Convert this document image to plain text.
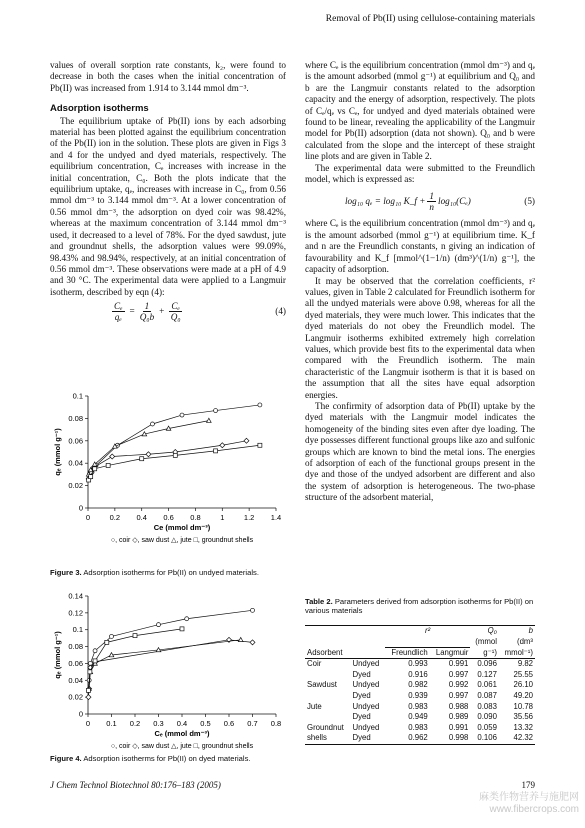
Removal of Pb(II) using cellulose-containing materials

values of overall sorption rate constants, k₂, were found to decrease in both the cases when the initial concentration of Pb(II) was increased from 1.914 to 3.144 mmol dm⁻³.

Adsorption isotherms

The equilibrium uptake of Pb(II) ions by each adsorbing material has been plotted against the equilibrium concentration of the Pb(II) ion in the solution. These plots are given in Figs 3 and 4 for the undyed and dyed materials, respectively. The equilibrium concentration, Cₑ increases with increase in the initial concentration, C₀. Both the plots indicate that the equilibrium uptake, qₑ, increases with increase in C₀, from 0.56 mmol dm⁻³ to 3.144 mmol dm⁻³. At a lower concentration of 0.56 mmol dm⁻³, the adsorption on dyed coir was 98.42%, whereas at the maximum concentration of 3.144 mmol dm⁻³ used, it decreased to a level of 78%. For the dyed sawdust, jute and groundnut shells, the adsorption values were 99.09%, 98.43% and 98.94%, respectively, at an initial concentration of 0.56 mmol dm⁻³. These observations were made at a pH of 4.9 and 30 °C. The experimental data were applied to a Langmuir isotherm, described by eqn (4):

$\frac{\text{Cₑ}}{\text{qₑ}} = \frac{1}{\text{Q₀b}} + \frac{\text{Cₑ}}{\text{Q₀}}$	(4)
0	0.2 0.4 0.6 0.8	1	1.2 1.4
0
0.02
0.04
0.06
0.08
0.1
Ce (mmol dm⁻³)
qₑ (mmol g⁻¹)
○, coir ◇, saw dust △, jute □, groundnut shells
Figure 3. Adsorption isotherms for Pb(II) on undyed materials.
0 0.1 0.2 0.3 0.4 0.5 0.6 0.7 0.8
0
0.02
0.04
0.06
0.08
0.1
0.12
0.14
Cₑ (mmol dm⁻³)
qₑ (mmol g⁻¹)
○, coir ◇, saw dust △, jute □, groundnut shells
Figure 4. Adsorption isotherms for Pb(II) on dyed materials.

where Cₑ is the equilibrium concentration (mmol dm⁻³) and qₑ is the amount adsorbed (mmol g⁻¹) at equilibrium and Q₀ and b are the Langmuir constants related to the adsorption capacity and the energy of adsorption, respectively. The plots of Cₑ/qₑ vs Cₑ, for undyed and dyed materials obtained were found to be linear, revealing the applicability of the Langmuir model for Pb(II) adsorption (data not shown). Q₀ and b were calculated from the slope and the intercept of these straight line plots and are given in Table 2.

The experimental data were submitted to the Freundlich model, which is expressed as:

log₁₀ qₑ = log₁₀ K_f + $\frac{1}{n} \log_{10}(C_e)$	(5)

where Cₑ is the equilibrium concentration (mmol dm⁻³) and qₑ is the amount adsorbed (mmol g⁻¹) at equilibrium time. K_f and n are the Freundlich constants, n giving an indication of favourability and K_f [mmol^(1−1/n) (dm³)^(1/n) g⁻¹], the capacity of adsorption.

It may be observed that the correlation coefficients, r² values, given in Table 2 calculated for Freundlich isotherm for all the undyed materials were above 0.98, whereas for all the dyed materials, they were much lower. This indicates that the dyed materials do not obey the Freundlich model. The Langmuir isotherms exhibited extremely high correlation values, which provide best fits to the experimental data when compared with the Freundlich isotherm. The main characteristic of the Langmuir isotherm is that it is based on the assumption that all the sites have equal adsorption energies.

The confirmity of adsorption data of Pb(II) uptake by the dyed materials with the Langmuir model indicates the homogeneity of the binding sites even after dye loading. The dye possesses different functional groups like azo and sulfonic groups which are known to bind the metal ions. The energies of adsorption of each of the functional groups present in the dye and those of the undyed adsorbent are different and also the system of adsorption is heterogeneous. The two-phase structure of the adsorbent material,

Table 2. Parameters derived from adsorption isotherms for Pb(II) on various materials
		r²		Q₀	b
				(mmol	(dm³
Adsorbent		Freundlich	Langmuir	g⁻¹)	mmol⁻¹)
Coir	Undyed	0.993	0.991	0.096	9.82
	Dyed	0.916	0.997	0.127	25.55
Sawdust	Undyed	0.982	0.992	0.061	26.10
	Dyed	0.939	0.997	0.087	49.20
Jute	Undyed	0.983	0.988	0.083	10.78
	Dyed	0.949	0.989	0.090	35.56
Groundnut	Undyed	0.983	0.991	0.059	13.32
shells	Dyed	0.962	0.998	0.106	42.32
J Chem Technol Biotechnol 80:176–183 (2005)	179
麻类作物营养与施肥网
www.fibercrops.com
